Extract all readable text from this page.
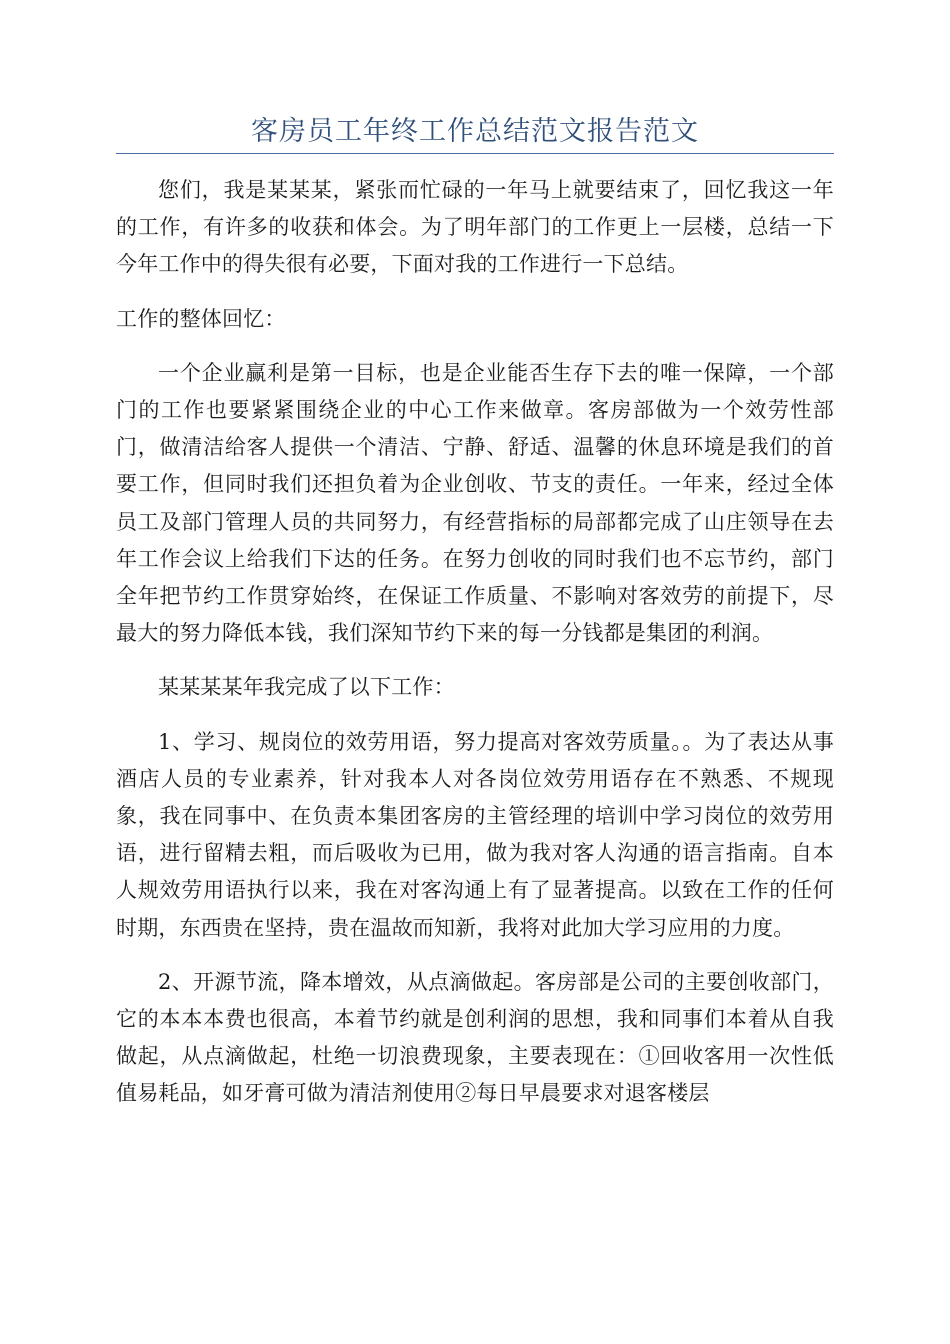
客房员工年终工作总结范文报告范文

您们，我是某某某，紧张而忙碌的一年马上就要结束了，回忆我这一年的工作，有许多的收获和体会。为了明年部门的工作更上一层楼，总结一下今年工作中的得失很有必要，下面对我的工作进行一下总结。

工作的整体回忆：

一个企业赢利是第一目标，也是企业能否生存下去的唯一保障，一个部门的工作也要紧紧围绕企业的中心工作来做章。客房部做为一个效劳性部门，做清洁给客人提供一个清洁、宁静、舒适、温馨的休息环境是我们的首要工作，但同时我们还担负着为企业创收、节支的责任。一年来，经过全体员工及部门管理人员的共同努力，有经营指标的局部都完成了山庄领导在去年工作会议上给我们下达的任务。在努力创收的同时我们也不忘节约，部门全年把节约工作贯穿始终，在保证工作质量、不影响对客效劳的前提下，尽最大的努力降低本钱，我们深知节约下来的每一分钱都是集团的利润。

某某某某年我完成了以下工作：

1、学习、规岗位的效劳用语，努力提高对客效劳质量。。为了表达从事酒店人员的专业素养，针对我本人对各岗位效劳用语存在不熟悉、不规现象，我在同事中、在负责本集团客房的主管经理的培训中学习岗位的效劳用语，进行留精去粗，而后吸收为已用，做为我对客人沟通的语言指南。自本人规效劳用语执行以来，我在对客沟通上有了显著提高。以致在工作的任何时期，东西贵在坚持，贵在温故而知新，我将对此加大学习应用的力度。

2、开源节流，降本增效，从点滴做起。客房部是公司的主要创收部门，它的本本本费也很高，本着节约就是创利润的思想，我和同事们本着从自我做起，从点滴做起，杜绝一切浪费现象，主要表现在：①回收客用一次性低值易耗品，如牙膏可做为清洁剂使用②每日早晨要求对退客楼层
